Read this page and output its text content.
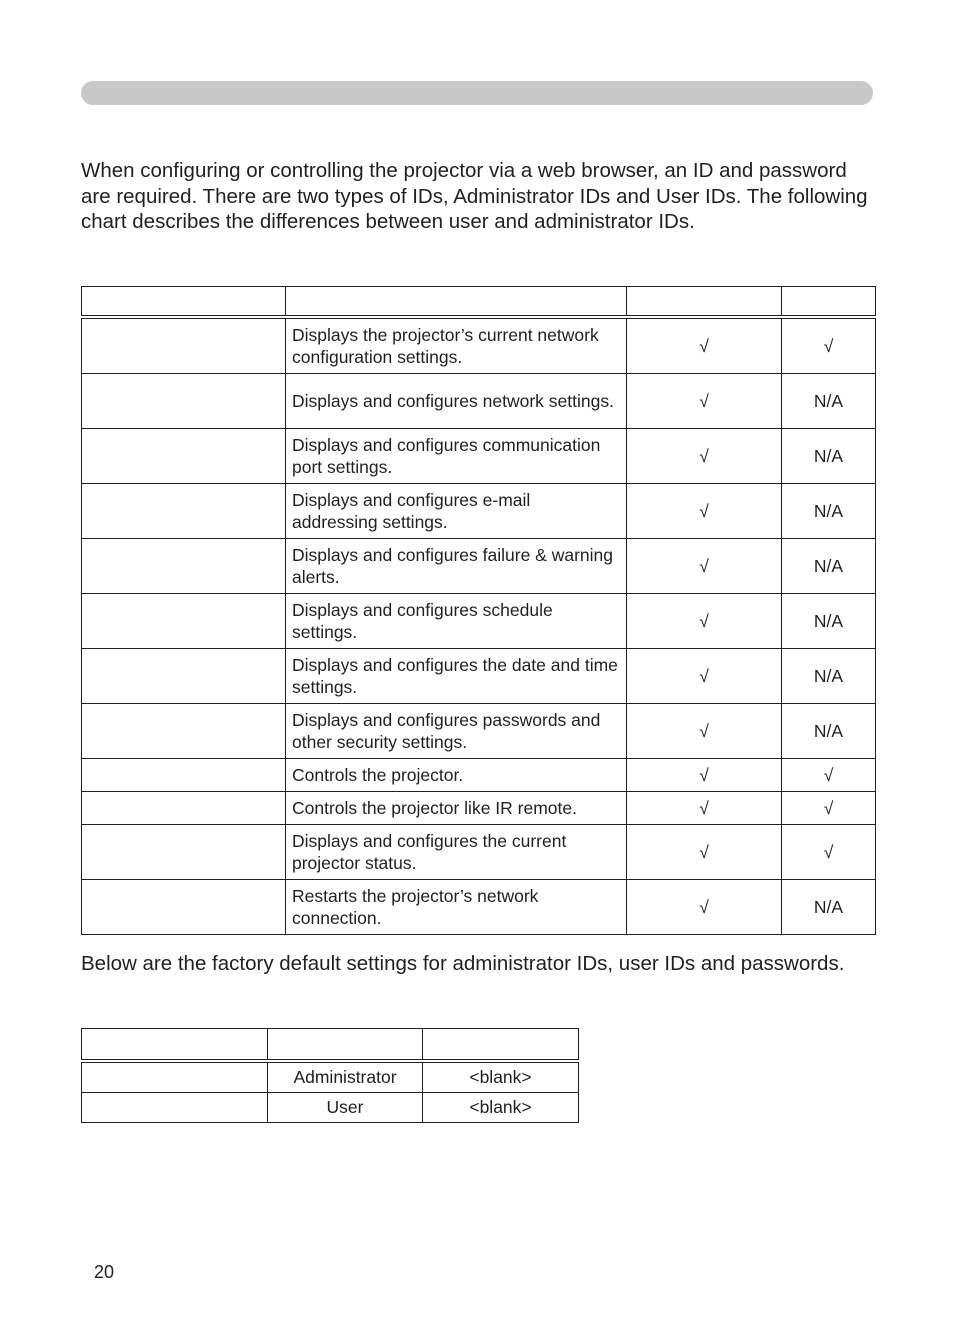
When configuring or controlling the projector via a web browser, an ID and password are required. There are two types of IDs, Administrator IDs and User IDs. The following chart describes the differences between user and administrator IDs.

	Displays the projector’s current network configuration settings.	√	√
	Displays and configures network settings.	√	N/A
	Displays and configures communication port settings.	√	N/A
	Displays and configures e-mail addressing settings.	√	N/A
	Displays and configures failure & warning alerts.	√	N/A
	Displays and configures schedule settings.	√	N/A
	Displays and configures the date and time settings.	√	N/A
	Displays and configures passwords and other security settings.	√	N/A
	Controls the projector.	√	√
	Controls the projector like IR remote.	√	√
	Displays and configures the current projector status.	√	√
	Restarts the projector’s network connection.	√	N/A

Below are the factory default settings for administrator IDs, user IDs and passwords.

	Administrator	<blank>
	User	<blank>
20
